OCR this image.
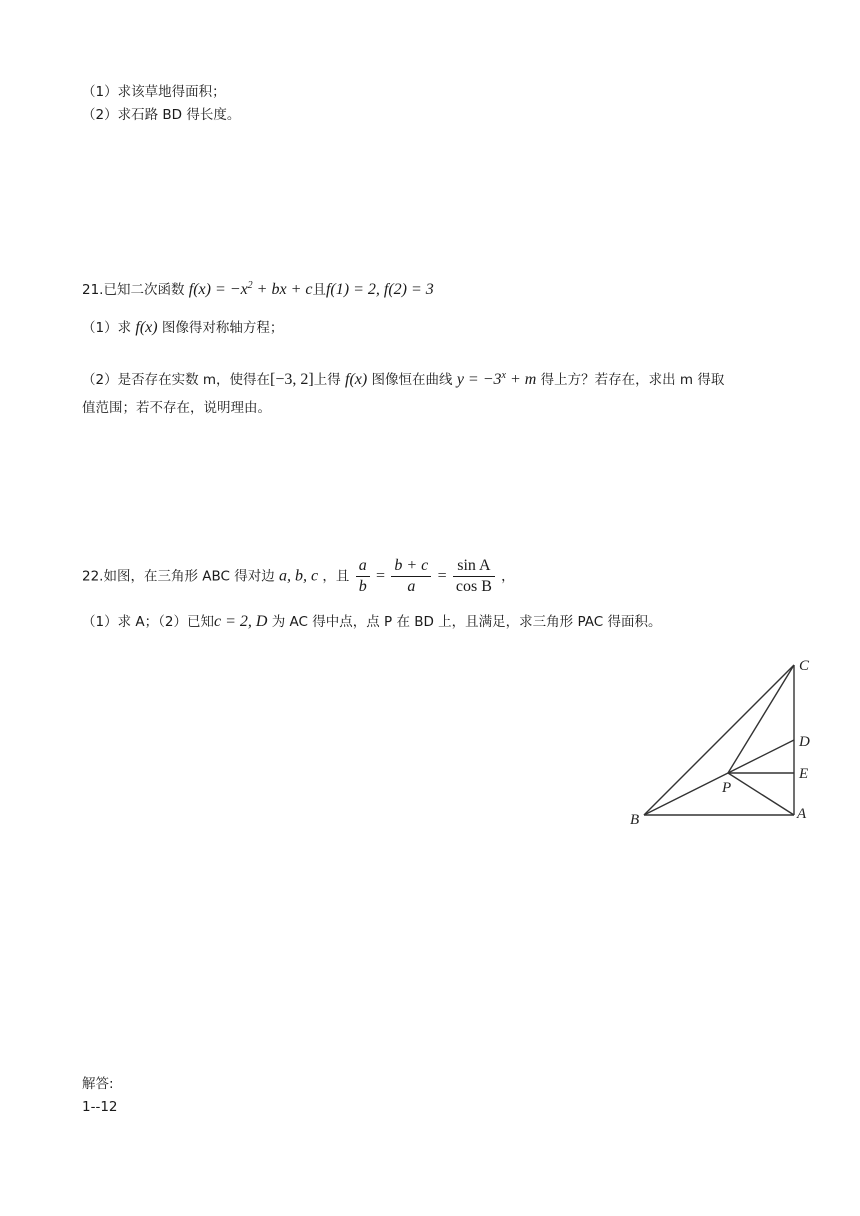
（1）求该草地得面积；
（2）求石路 BD 得长度。
21.已知二次函数 $f(x) = -x^2$ + bx + c且f(1) = 2, f(2) = 3
（1）求 f(x) 图像得对称轴方程；
（2）是否存在实数 m，使得在[−3, 2]上得 f(x) 图像恒在曲线 $y = -3^x + m$ 得上方？若存在，求出 m 得取
值范围；若不存在，说明理由。
22.如图，在三角形 ABC 得对边 a, b, c ，且 $\frac{a}{b} = \frac{b + c}{a} = \frac{\text{sin A}}{\text{cos B}}$ ，
（1）求 A；（2）已知c = 2, D 为 AC 得中点，点 P 在 BD 上，且满足，求三角形 PAC 得面积。
C
D
E
P
A
B
解答:
1--12
